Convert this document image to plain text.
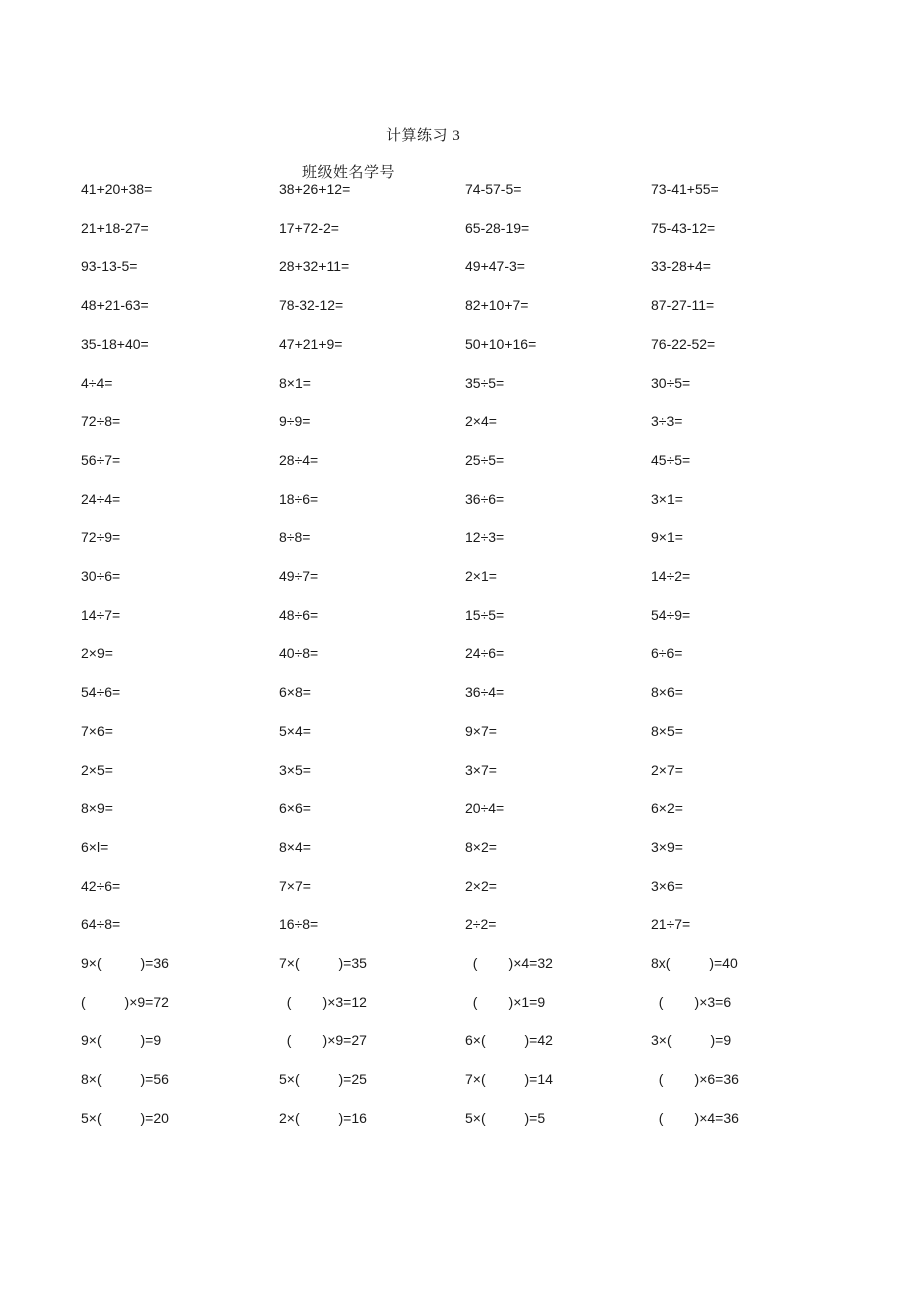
计算练习 3
班级姓名学号
41+20+38=	38+26+12=	74-57-5=	73-41+55=
21+18-27=	17+72-2=	65-28-19=	75-43-12=
93-13-5=	28+32+11=	49+47-3=	33-28+4=
48+21-63=	78-32-12=	82+10+7=	87-27-11=
35-18+40=	47+21+9=	50+10+16=	76-22-52=
4÷4=	8×1=	35÷5=	30÷5=
72÷8=	9÷9=	2×4=	3÷3=
56÷7=	28÷4=	25÷5=	45÷5=
24÷4=	18÷6=	36÷6=	3×1=
72÷9=	8÷8=	12÷3=	9×1=
30÷6=	49÷7=	2×1=	14÷2=
14÷7=	48÷6=	15÷5=	54÷9=
2×9=	40÷8=	24÷6=	6÷6=
54÷6=	6×8=	36÷4=	8×6=
7×6=	5×4=	9×7=	8×5=
2×5=	3×5=	3×7=	2×7=
8×9=	6×6=	20÷4=	6×2=
6×l=	8×4=	8×2=	3×9=
42÷6=	7×7=	2×2=	3×6=
64÷8=	16÷8=	2÷2=	21÷7=
9×(          )=36	7×(          )=35	(        )×4=32	8x(          )=40
(          )×9=72	(        )×3=12	(        )×1=9	(        )×3=6
9×(          )=9	(        )×9=27	6×(          )=42	3×(          )=9
8×(          )=56	5×(          )=25	7×(          )=14	(        )×6=36
5×(          )=20	2×(          )=16	5×(          )=5	(        )×4=36
